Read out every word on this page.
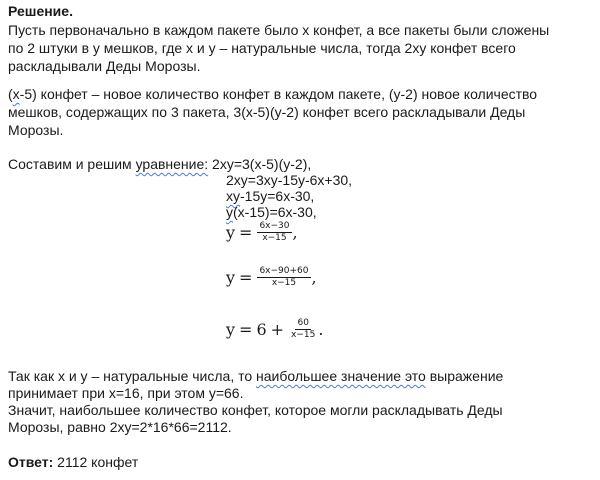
Решение.
Пусть первоначально в каждом пакете было x конфет, а все пакеты были сложены
по 2 штуки в y мешков, где x и y – натуральные числа, тогда 2xy конфет всего
раскладывали Деды Морозы.
(x-5) конфет – новое количество конфет в каждом пакете, (y-2) новое количество
мешков, содержащих по 3 пакета, 3(x-5)(y-2) конфет всего раскладывали Деды
Морозы.
Составим и решим уравнение: 2xy=3(x-5)(y-2),
2xy=3xy-15y-6x+30,
xy-15y=6x-30,
y(x-15)=6x-30,
$y = \frac{6x-30}{x-15}$ ,
$y = \frac{6x-90+60}{x-15}$ ,
$y = 6 + \frac{60}{x-15}$ .
Так как x и y – натуральные числа, то наибольшее значение это выражение
принимает при x=16, при этом y=66.
Значит, наибольшее количество конфет, которое могли раскладывать Деды
Морозы, равно 2xy=2*16*66=2112.
Ответ: 2112 конфет
